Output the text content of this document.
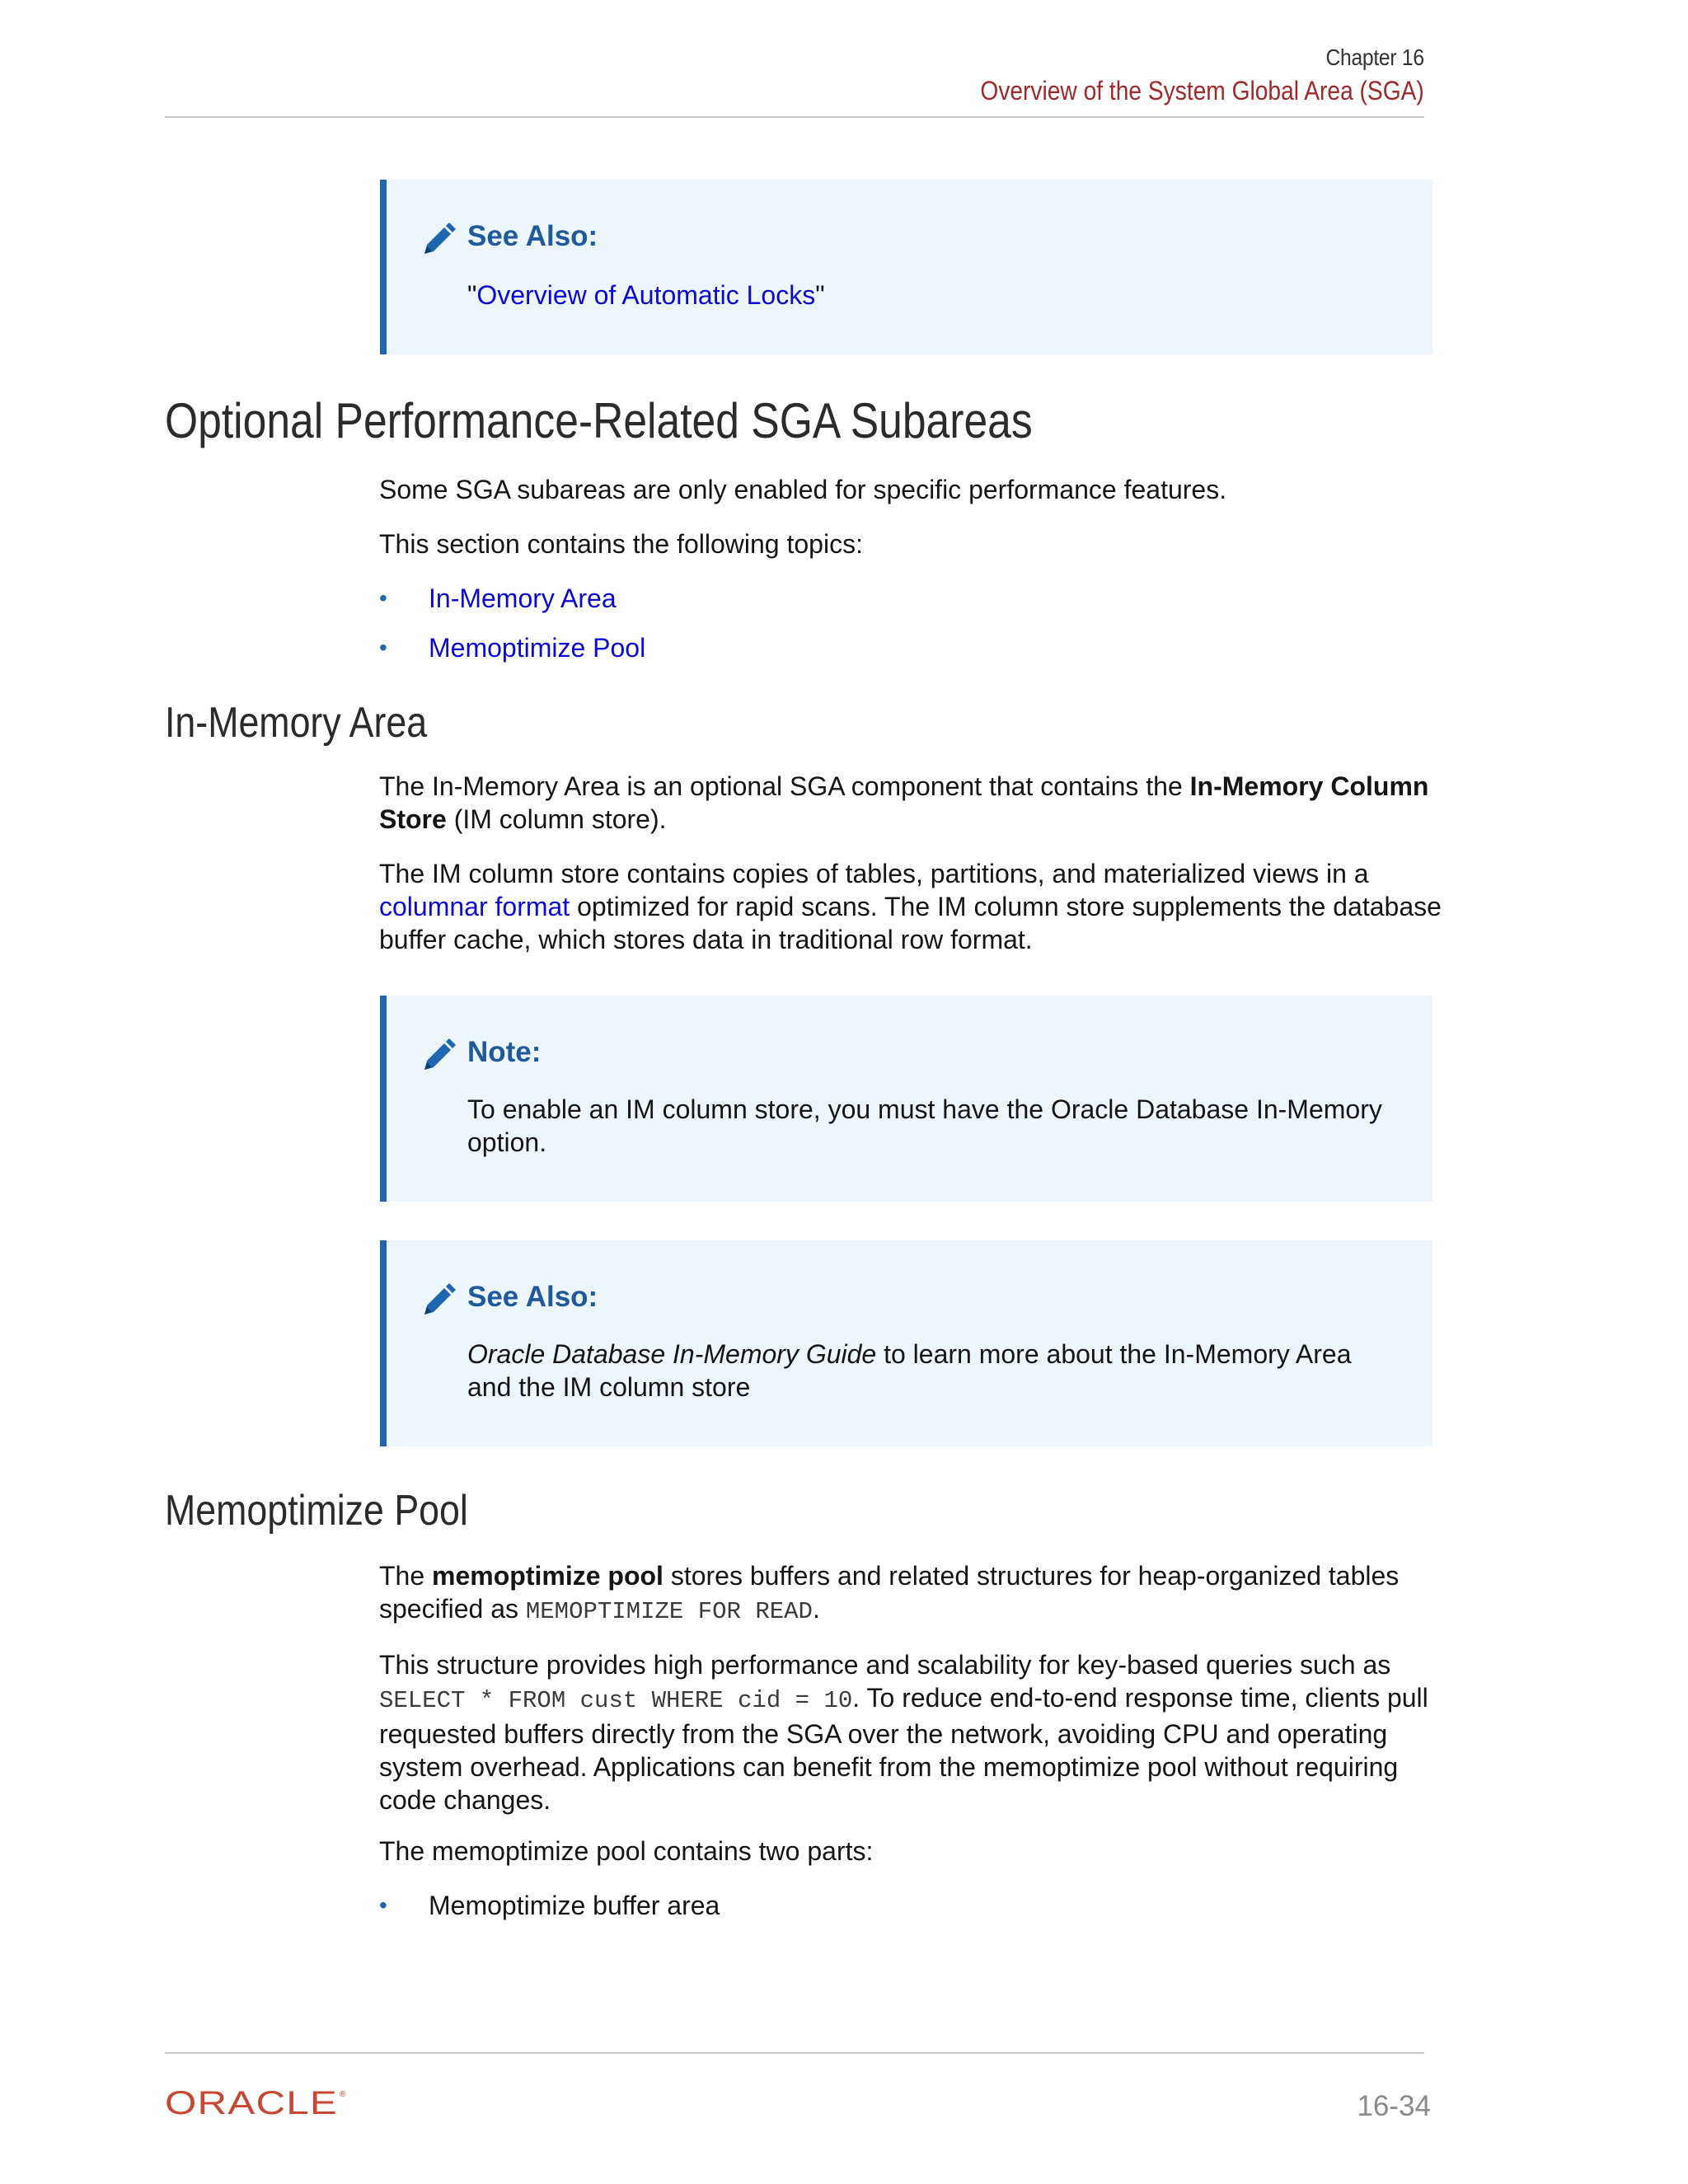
Chapter 16
Overview of the System Global Area (SGA)
See Also:
"Overview of Automatic Locks"
Optional Performance-Related SGA Subareas
Some SGA subareas are only enabled for specific performance features.
This section contains the following topics:
• In-Memory Area
• Memoptimize Pool
In-Memory Area
The In-Memory Area is an optional SGA component that contains the In-Memory Column Store (IM column store).
The IM column store contains copies of tables, partitions, and materialized views in a columnar format optimized for rapid scans. The IM column store supplements the database buffer cache, which stores data in traditional row format.
Note:
To enable an IM column store, you must have the Oracle Database In-Memory option.
See Also:
Oracle Database In-Memory Guide to learn more about the In-Memory Area and the IM column store
Memoptimize Pool
The memoptimize pool stores buffers and related structures for heap-organized tables specified as MEMOPTIMIZE FOR READ.
This structure provides high performance and scalability for key-based queries such as SELECT * FROM cust WHERE cid = 10. To reduce end-to-end response time, clients pull requested buffers directly from the SGA over the network, avoiding CPU and operating system overhead. Applications can benefit from the memoptimize pool without requiring code changes.
The memoptimize pool contains two parts:
• Memoptimize buffer area
ORACLE ®	16-34
